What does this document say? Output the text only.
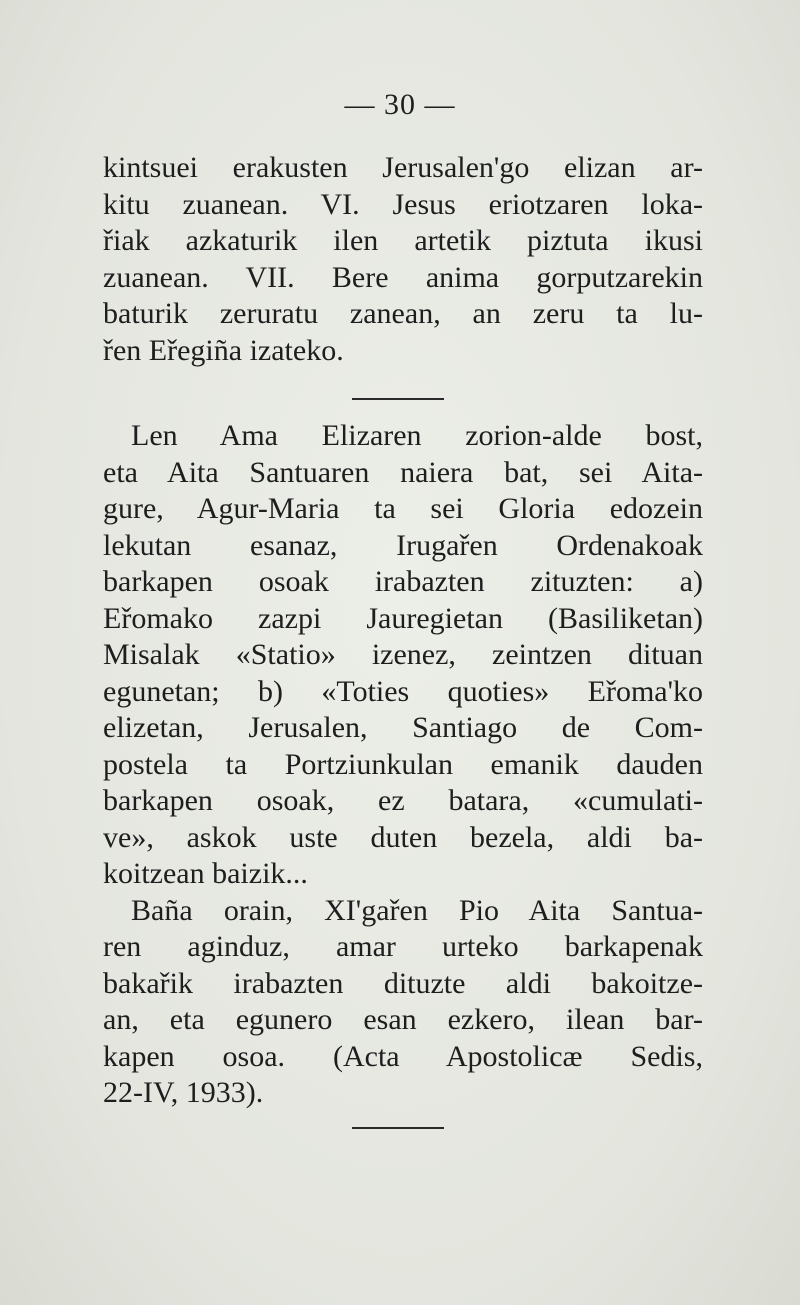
— 30 —
kintsuei erakusten Jerusalen'go elizan ar-
kitu zuanean. VI. Jesus eriotzaren loka-
řiak azkaturik ilen artetik piztuta ikusi
zuanean. VII. Bere anima gorputzarekin
baturik zeruratu zanean, an zeru ta lu-
řen Eřegiña izateko.
Len Ama Elizaren zorion-alde bost,
eta Aita Santuaren naiera bat, sei Aita-
gure, Agur-Maria ta sei Gloria edozein
lekutan esanaz, Irugařen Ordenakoak
barkapen osoak irabazten zituzten: a)
Eřomako zazpi Jauregietan (Basiliketan)
Misalak «Statio» izenez, zeintzen dituan
egunetan; b) «Toties quoties» Eřoma'ko
elizetan, Jerusalen, Santiago de Com-
postela ta Portziunkulan emanik dauden
barkapen osoak, ez batara, «cumulati-
ve», askok uste duten bezela, aldi ba-
koitzean baizik...
Baña orain, XI'gařen Pio Aita Santua-
ren aginduz, amar urteko barkapenak
bakařik irabazten dituzte aldi bakoitze-
an, eta egunero esan ezkero, ilean bar-
kapen osoa. (Acta Apostolicæ Sedis,
22-IV, 1933).
